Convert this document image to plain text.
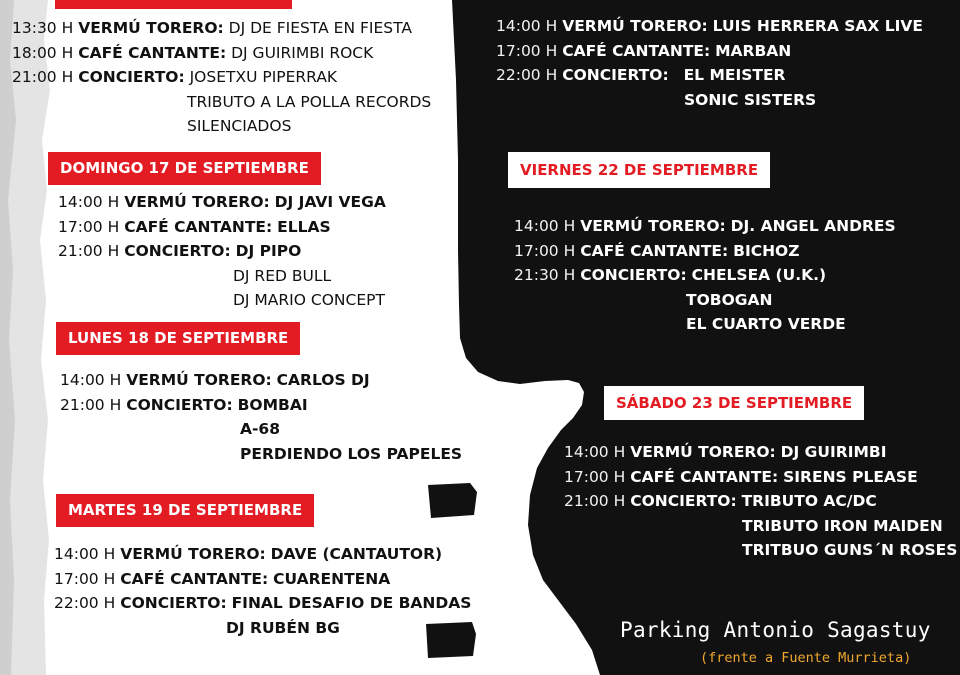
13:30 H VERMÚ TORERO: DJ DE FIESTA EN FIESTA
18:00 H CAFÉ CANTANTE: DJ GUIRIMBI ROCK
21:00 H CONCIERTO: JOSETXU PIPERRAK
TRIBUTO A LA POLLA RECORDS
SILENCIADOS
DOMINGO 17 DE SEPTIEMBRE
14:00 H VERMÚ TORERO: DJ JAVI VEGA
17:00 H CAFÉ CANTANTE: ELLAS
21:00 H CONCIERTO: DJ PIPO
DJ RED BULL
DJ MARIO CONCEPT
LUNES 18 DE SEPTIEMBRE
14:00 H VERMÚ TORERO: CARLOS DJ
21:00 H CONCIERTO: BOMBAI
A-68
PERDIENDO LOS PAPELES
MARTES 19 DE SEPTIEMBRE
14:00 H VERMÚ TORERO: DAVE (CANTAUTOR)
17:00 H CAFÉ CANTANTE: CUARENTENA
22:00 H CONCIERTO: FINAL DESAFIO DE BANDAS
DJ RUBÉN BG
14:00 H VERMÚ TORERO: LUIS HERRERA SAX LIVE
17:00 H CAFÉ CANTANTE: MARBAN
22:00 H CONCIERTO: EL MEISTER
SONIC SISTERS
VIERNES 22 DE SEPTIEMBRE
14:00 H VERMÚ TORERO: DJ. ANGEL ANDRES
17:00 H CAFÉ CANTANTE: BICHOZ
21:30 H CONCIERTO: CHELSEA (U.K.)
TOBOGAN
EL CUARTO VERDE
SÁBADO 23 DE SEPTIEMBRE
14:00 H VERMÚ TORERO: DJ GUIRIMBI
17:00 H CAFÉ CANTANTE: SIRENS PLEASE
21:00 H CONCIERTO: TRIBUTO AC/DC
TRIBUTO IRON MAIDEN
TRITBUO GUNS´N ROSES
Parking Antonio Sagastuy
(frente a Fuente Murrieta)
